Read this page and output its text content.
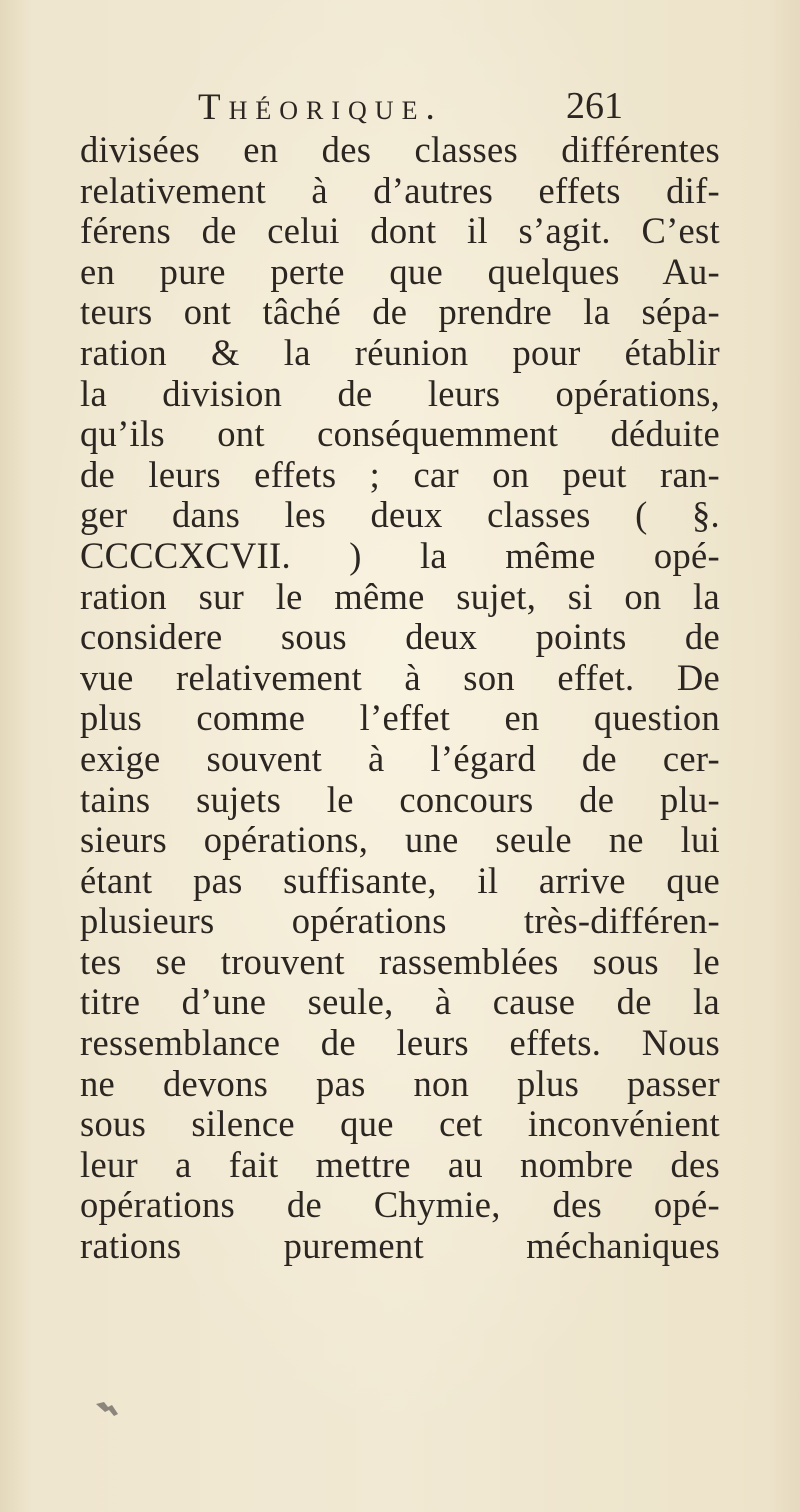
Théorique.	261
divisées en des classes différentes
relativement à d’autres effets dif-
férens de celui dont il s’agit. C’est
en pure perte que quelques Au-
teurs ont tâché de prendre la sépa-
ration & la réunion pour établir
la division de leurs opérations,
qu’ils ont conséquemment déduite
de leurs effets ; car on peut ran-
ger dans les deux classes ( §.
CCCCXCVII. ) la même opé-
ration sur le même sujet, si on la
considere sous deux points de
vue relativement à son effet. De
plus comme l’effet en question
exige souvent à l’égard de cer-
tains sujets le concours de plu-
sieurs opérations, une seule ne lui
étant pas suffisante, il arrive que
plusieurs opérations très-différen-
tes se trouvent rassemblées sous le
titre d’une seule, à cause de la
ressemblance de leurs effets. Nous
ne devons pas non plus passer
sous silence que cet inconvénient
leur a fait mettre au nombre des
opérations de Chymie, des opé-
rations purement méchaniques
